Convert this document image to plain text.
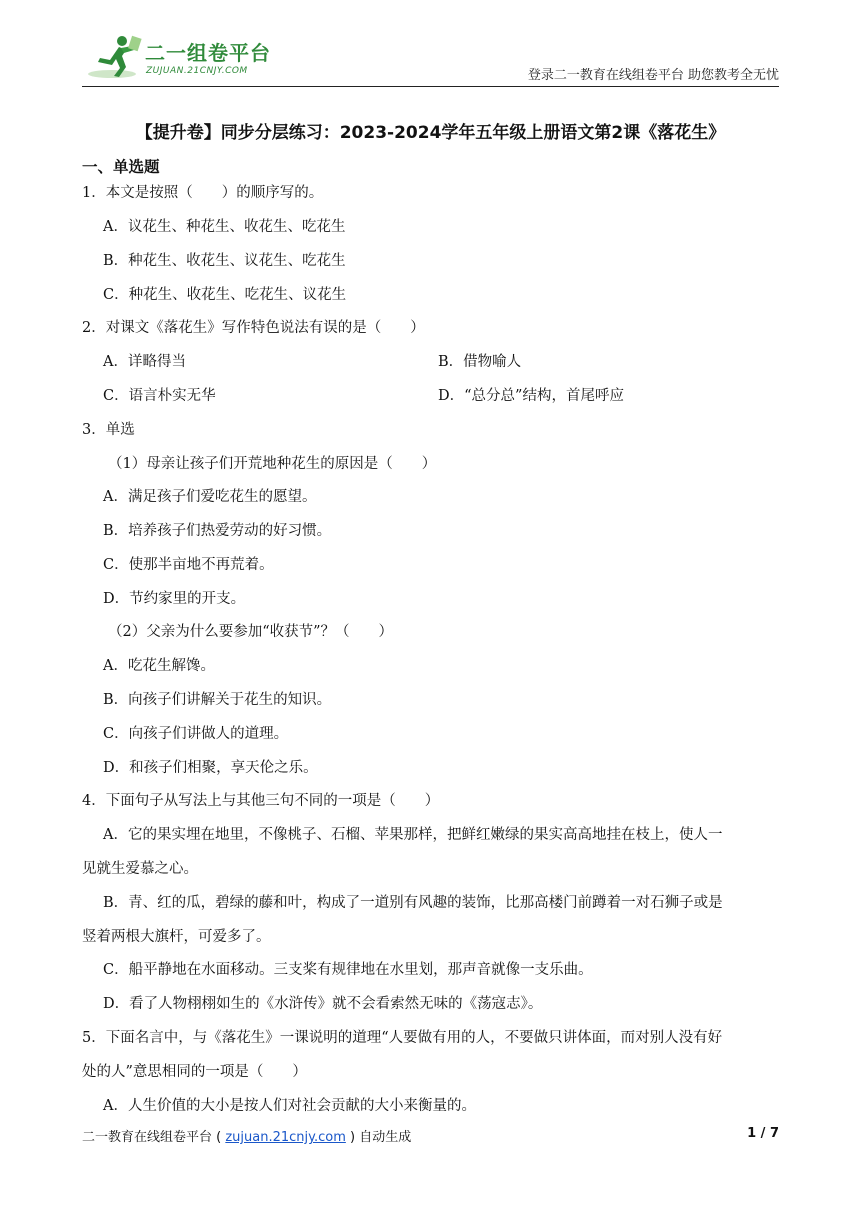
二一组卷平台
ZUJUAN.21CNJY.COM	登录二一教育在线组卷平台 助您教考全无忧
【提升卷】同步分层练习：2023-2024学年五年级上册语文第2课《落花生》
一、单选题
1．本文是按照（　　）的顺序写的。
A．议花生、种花生、收花生、吃花生
B．种花生、收花生、议花生、吃花生
C．种花生、收花生、吃花生、议花生
2．对课文《落花生》写作特色说法有误的是（　　）
A．详略得当	B．借物喻人
C．语言朴实无华	D．“总分总”结构，首尾呼应
3．单选
（1）母亲让孩子们开荒地种花生的原因是（　　）
A．满足孩子们爱吃花生的愿望。
B．培养孩子们热爱劳动的好习惯。
C．使那半亩地不再荒着。
D．节约家里的开支。
（2）父亲为什么要参加“收获节”？（　　）
A．吃花生解馋。
B．向孩子们讲解关于花生的知识。
C．向孩子们讲做人的道理。
D．和孩子们相聚，享天伦之乐。
4．下面句子从写法上与其他三句不同的一项是（　　）
A．它的果实埋在地里，不像桃子、石榴、苹果那样，把鲜红嫩绿的果实高高地挂在枝上，使人一
见就生爱慕之心。
B．青、红的瓜，碧绿的藤和叶，构成了一道别有风趣的装饰，比那高楼门前蹲着一对石狮子或是
竖着两根大旗杆，可爱多了。
C．船平静地在水面移动。三支桨有规律地在水里划，那声音就像一支乐曲。
D．看了人物栩栩如生的《水浒传》就不会看索然无味的《荡寇志》。
5．下面名言中，与《落花生》一课说明的道理“人要做有用的人，不要做只讲体面，而对别人没有好
处的人”意思相同的一项是（　　）
A．人生价值的大小是按人们对社会贡献的大小来衡量的。
二一教育在线组卷平台 ( zujuan.21cnjy.com ) 自动生成	1 / 7
